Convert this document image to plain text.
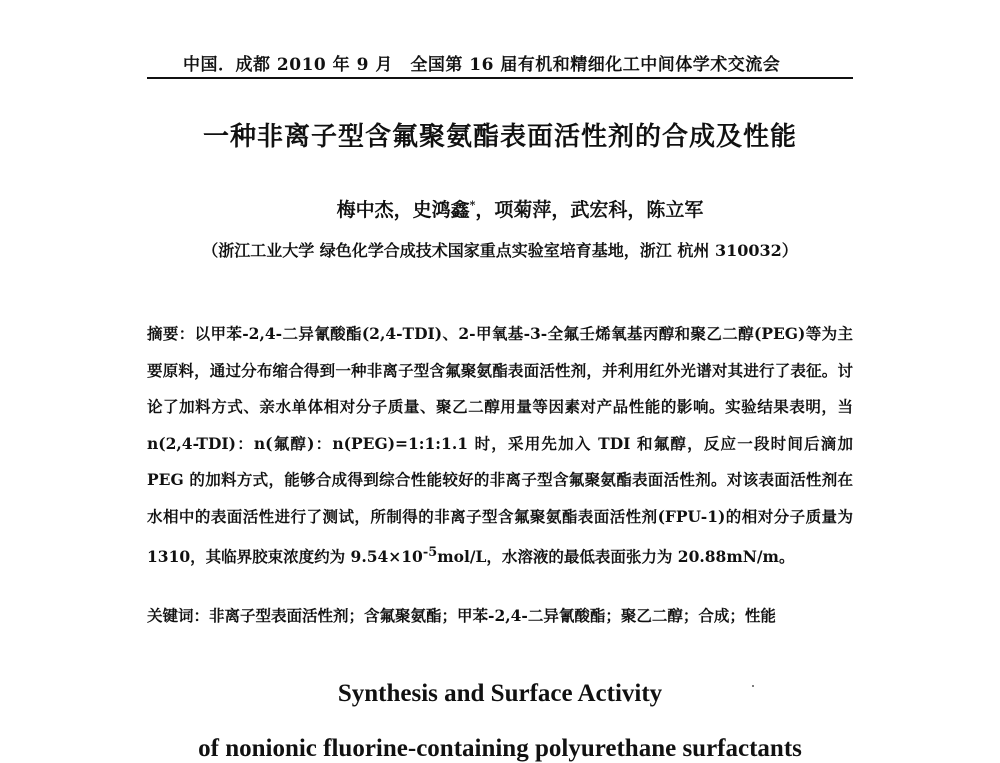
中国．成都 2010 年 9 月　全国第 16 届有机和精细化工中间体学术交流会
一种非离子型含氟聚氨酯表面活性剂的合成及性能
梅中杰，史鸿鑫*，项菊萍，武宏科，陈立军
（浙江工业大学 绿色化学合成技术国家重点实验室培育基地，浙江 杭州 310032）
摘要：以甲苯-2,4-二异氰酸酯(2,4-TDI)、2-甲氧基-3-全氟壬烯氧基丙醇和聚乙二醇(PEG)等为主要原料，通过分布缩合得到一种非离子型含氟聚氨酯表面活性剂，并利用红外光谱对其进行了表征。讨论了加料方式、亲水单体相对分子质量、聚乙二醇用量等因素对产品性能的影响。实验结果表明，当 n(2,4-TDI)：n(氟醇)：n(PEG)=1:1:1.1 时，采用先加入 TDI 和氟醇，反应一段时间后滴加 PEG 的加料方式，能够合成得到综合性能较好的非离子型含氟聚氨酯表面活性剂。对该表面活性剂在水相中的表面活性进行了测试，所制得的非离子型含氟聚氨酯表面活性剂(FPU-1)的相对分子质量为 1310，其临界胶束浓度约为 $9.54\times 10^{-5}mol/L$，水溶液的最低表面张力为 20.88mN/m。
关键词：非离子型表面活性剂；含氟聚氨酯；甲苯-2,4-二异氰酸酯；聚乙二醇；合成；性能
Synthesis and Surface Activity
of nonionic fluorine-containing polyurethane surfactants
